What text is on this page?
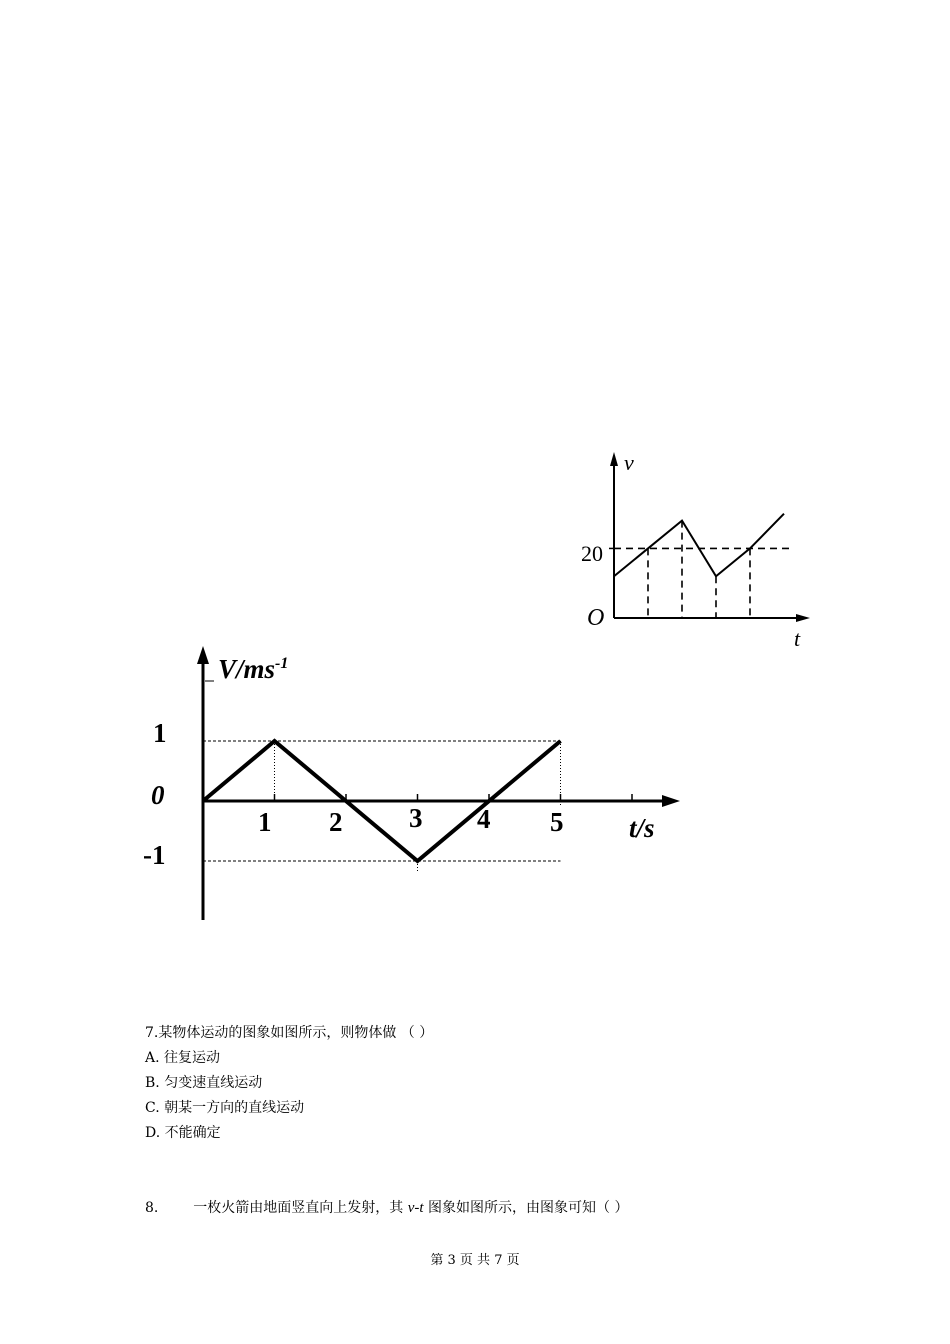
v
20
O
t
$V/ms^{-1}$
1
0
-1
1 2 3 4 5 t/s
7.某物体运动的图象如图所示，则物体做 （ ）
A. 往复运动
B. 匀变速直线运动
C. 朝某一方向的直线运动
D. 不能确定
8. 一枚火箭由地面竖直向上发射，其 v-t 图象如图所示，由图象可知（ ）
第 3 页 共 7 页
